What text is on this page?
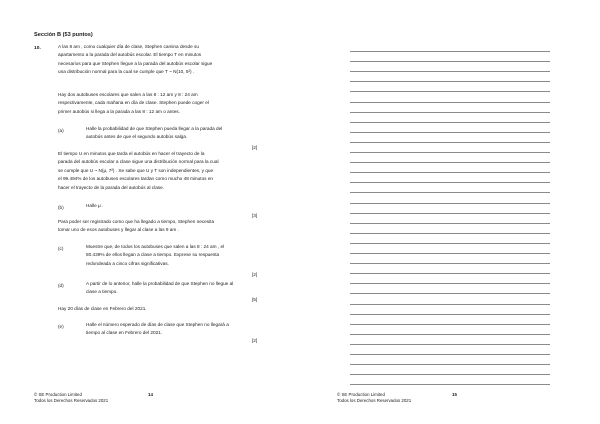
Sección B (53 puntos)
10.	A las 8 am , como cualquier día de clase, Stephen camina desde su
apartamento a la parada del autobús escolar. El tiempo T en minutos
necesarios para que Stephen llegue a la parada del autobús escolar sigue
una distribución normal para la cual se cumple que T ~ N(10, 5²) .
Hay dos autobuses escolares que salen a las 8 : 12 am y 8 : 24 am
respectivamente, cada mañana en día de clase. Stephen puede coger el
primer autobús si llega a la parada a las 8 : 12 am o antes.
(a)	Halle la probabilidad de que Stephen pueda llegar a la parada del
autobús antes de que el segundo autobús salga.
[2]
El tiempo U en minutos que tarda el autobús en hacer el trayecto de la
parada del autobús escolar a clase sigue una distribución normal para la cual
se cumple que U ~ N(μ, 7²) . Se sabe que U y T son independientes, y que
el 99.494% de los autobuses escolares tardan como mucho 48 minutos en
hacer el trayecto de la parada del autobús al clase.
(b)	Halle μ .
[3]
Para poder ser registrado como que ha llegado a tiempo, Stephen necesita
tomar uno de esos autobuses y llegar al clase a las 9 am .
(c)	Muestre que, de todos los autobuses que salen a las 8 : 24 am , el
80.439% de ellos llegan a clase a tiempo. Exprese su respuesta
redondeada a cinco cifras significativas.
[2]
(d)	A partir de lo anterior, halle la probabilidad de que Stephen no llegue al
clase a tiempo.
[5]
Hay 20 días de clase en Febrero del 2021.
(e)	Halle el número esperado de días de clase que Stephen no llegará a
tiempo al clase en Febrero del 2021.
[2]
© SE Production Limited
Todos los Derechos Reservados 2021
14	© SE Production Limited
Todos los Derechos Reservados 2021
15
